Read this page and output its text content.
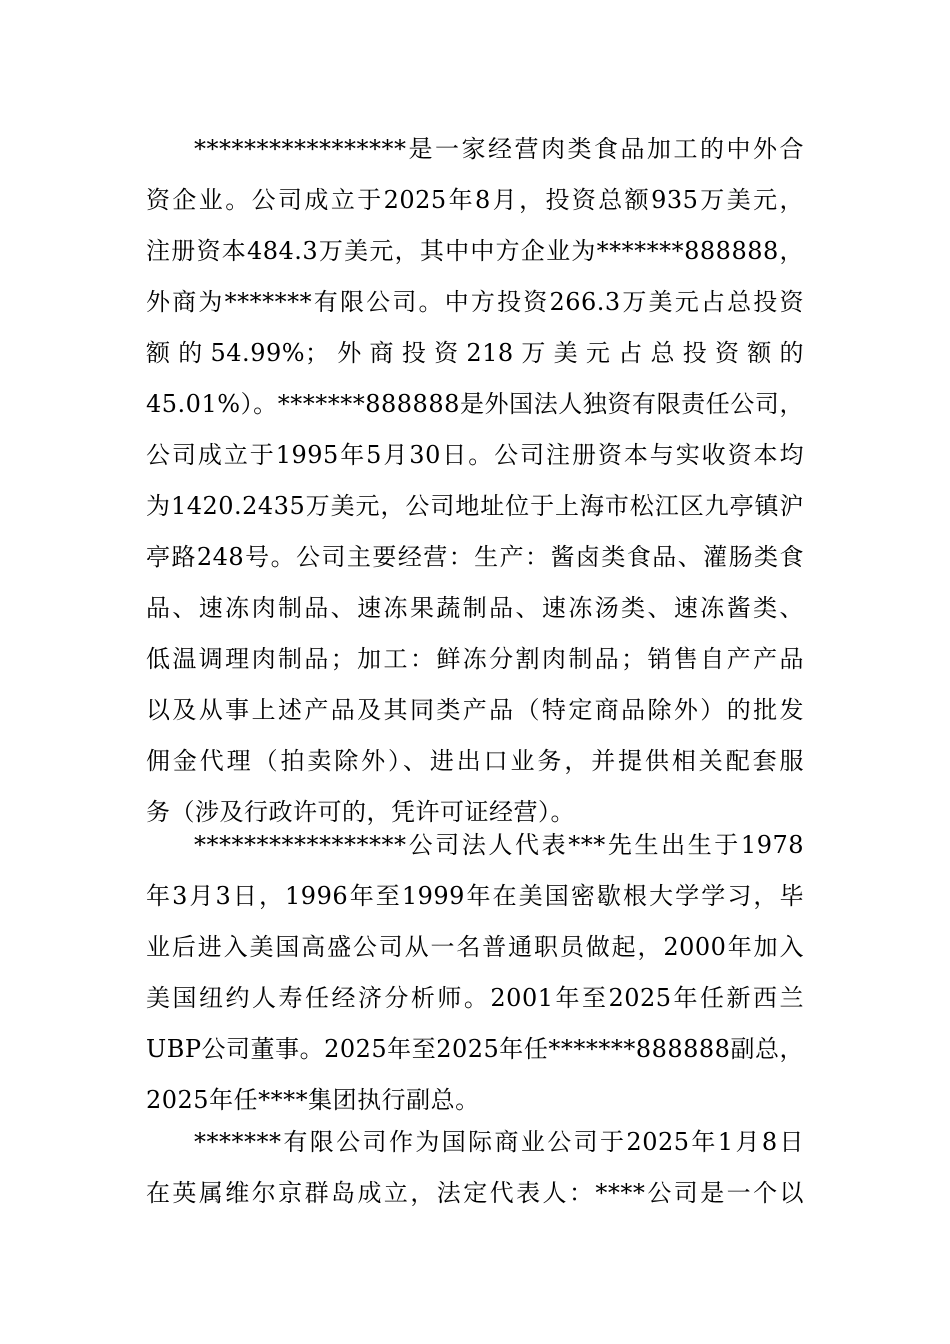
*****************是一家经营肉类食品加工的中外合
资企业。公司成立于2025年8月，投资总额935万美元，
注册资本484.3万美元，其中中方企业为*******888888，
外商为*******有限公司。中方投资266.3万美元占总投资
额的54.99%；外商投资218万美元占总投资额的
45.01%）。*******888888是外国法人独资有限责任公司，
公司成立于1995年5月30日。公司注册资本与实收资本均
为1420.2435万美元，公司地址位于上海市松江区九亭镇沪
亭路248号。公司主要经营：生产：酱卤类食品、灌肠类食
品、速冻肉制品、速冻果蔬制品、速冻汤类、速冻酱类、
低温调理肉制品；加工：鲜冻分割肉制品；销售自产产品
以及从事上述产品及其同类产品（特定商品除外）的批发
佣金代理（拍卖除外）、进出口业务，并提供相关配套服
务（涉及行政许可的，凭许可证经营）。
*****************公司法人代表***先生出生于1978
年3月3日，1996年至1999年在美国密歇根大学学习，毕
业后进入美国高盛公司从一名普通职员做起，2000年加入
美国纽约人寿任经济分析师。2001年至2025年任新西兰
UBP公司董事。2025年至2025年任*******888888副总，
2025年任****集团执行副总。
*******有限公司作为国际商业公司于2025年1月8日
在英属维尔京群岛成立，法定代表人：****公司是一个以
